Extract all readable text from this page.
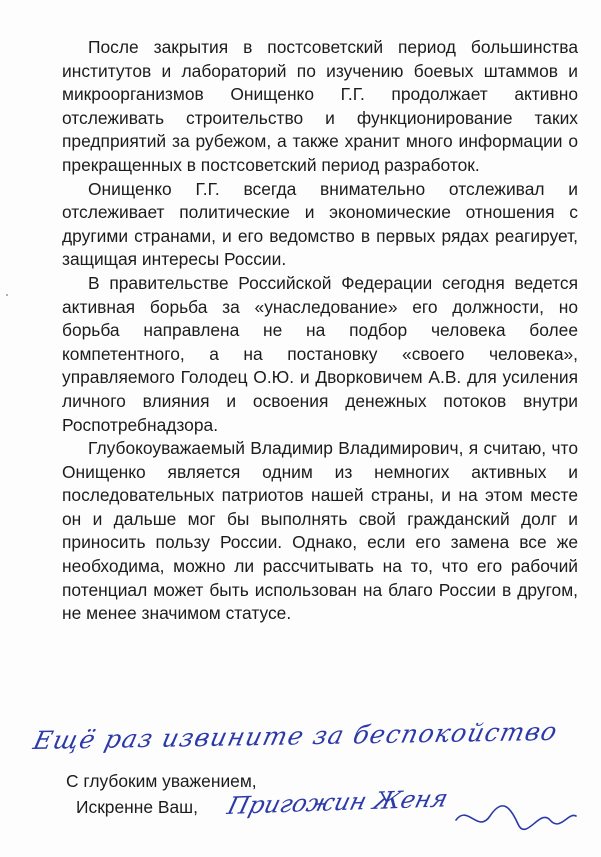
После закрытия в постсоветский период большинства институтов и лабораторий по изучению боевых штаммов и микроорганизмов Онищенко Г.Г. продолжает активно отслеживать строительство и функционирование таких предприятий за рубежом, а также хранит много информации о прекращенных в постсоветский период разработок.

Онищенко Г.Г. всегда внимательно отслеживал и отслеживает политические и экономические отношения с другими странами, и его ведомство в первых рядах реагирует, защищая интересы России.

В правительстве Российской Федерации сегодня ведется активная борьба за «унаследование» его должности, но борьба направлена не на подбор человека более компетентного, а на постановку «своего человека», управляемого Голодец О.Ю. и Дворковичем А.В. для усиления личного влияния и освоения денежных потоков внутри Роспотребнадзора.

Глубокоуважаемый Владимир Владимирович, я считаю, что Онищенко является одним из немногих активных и последовательных патриотов нашей страны, и на этом месте он и дальше мог бы выполнять свой гражданский долг и приносить пользу России. Однако, если его замена все же необходима, можно ли рассчитывать на то, что его рабочий потенциал может быть использован на благо России в другом, не менее значимом статусе.

Ещё раз извините за беспокойство
С глубоким уважением,
Искренне Ваш, Пригожин Женя
